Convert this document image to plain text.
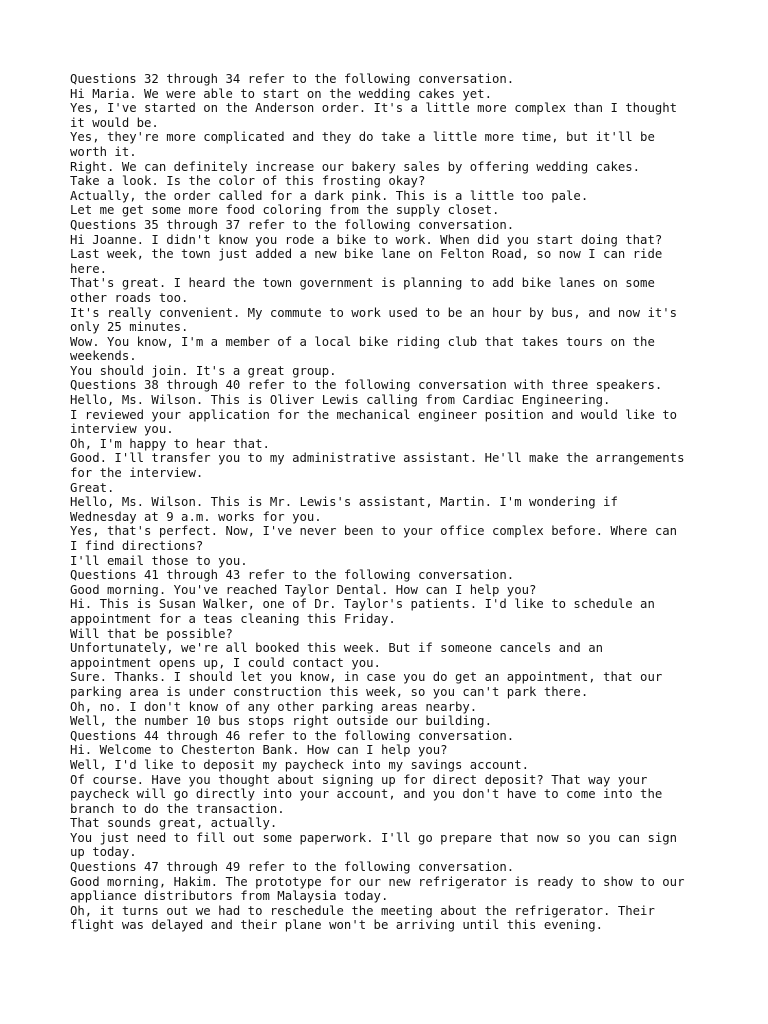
Questions 32 through 34 refer to the following conversation.
Hi Maria. We were able to start on the wedding cakes yet.
Yes, I've started on the Anderson order. It's a little more complex than I thought
it would be.
Yes, they're more complicated and they do take a little more time, but it'll be
worth it.
Right. We can definitely increase our bakery sales by offering wedding cakes.
Take a look. Is the color of this frosting okay?
Actually, the order called for a dark pink. This is a little too pale.
Let me get some more food coloring from the supply closet.
Questions 35 through 37 refer to the following conversation.
Hi Joanne. I didn't know you rode a bike to work. When did you start doing that?
Last week, the town just added a new bike lane on Felton Road, so now I can ride
here.
That's great. I heard the town government is planning to add bike lanes on some
other roads too.
It's really convenient. My commute to work used to be an hour by bus, and now it's
only 25 minutes.
Wow. You know, I'm a member of a local bike riding club that takes tours on the
weekends.
You should join. It's a great group.
Questions 38 through 40 refer to the following conversation with three speakers.
Hello, Ms. Wilson. This is Oliver Lewis calling from Cardiac Engineering.
I reviewed your application for the mechanical engineer position and would like to
interview you.
Oh, I'm happy to hear that.
Good. I'll transfer you to my administrative assistant. He'll make the arrangements
for the interview.
Great.
Hello, Ms. Wilson. This is Mr. Lewis's assistant, Martin. I'm wondering if
Wednesday at 9 a.m. works for you.
Yes, that's perfect. Now, I've never been to your office complex before. Where can
I find directions?
I'll email those to you.
Questions 41 through 43 refer to the following conversation.
Good morning. You've reached Taylor Dental. How can I help you?
Hi. This is Susan Walker, one of Dr. Taylor's patients. I'd like to schedule an
appointment for a teas cleaning this Friday.
Will that be possible?
Unfortunately, we're all booked this week. But if someone cancels and an
appointment opens up, I could contact you.
Sure. Thanks. I should let you know, in case you do get an appointment, that our
parking area is under construction this week, so you can't park there.
Oh, no. I don't know of any other parking areas nearby.
Well, the number 10 bus stops right outside our building.
Questions 44 through 46 refer to the following conversation.
Hi. Welcome to Chesterton Bank. How can I help you?
Well, I'd like to deposit my paycheck into my savings account.
Of course. Have you thought about signing up for direct deposit? That way your
paycheck will go directly into your account, and you don't have to come into the
branch to do the transaction.
That sounds great, actually.
You just need to fill out some paperwork. I'll go prepare that now so you can sign
up today.
Questions 47 through 49 refer to the following conversation.
Good morning, Hakim. The prototype for our new refrigerator is ready to show to our
appliance distributors from Malaysia today.
Oh, it turns out we had to reschedule the meeting about the refrigerator. Their
flight was delayed and their plane won't be arriving until this evening.
